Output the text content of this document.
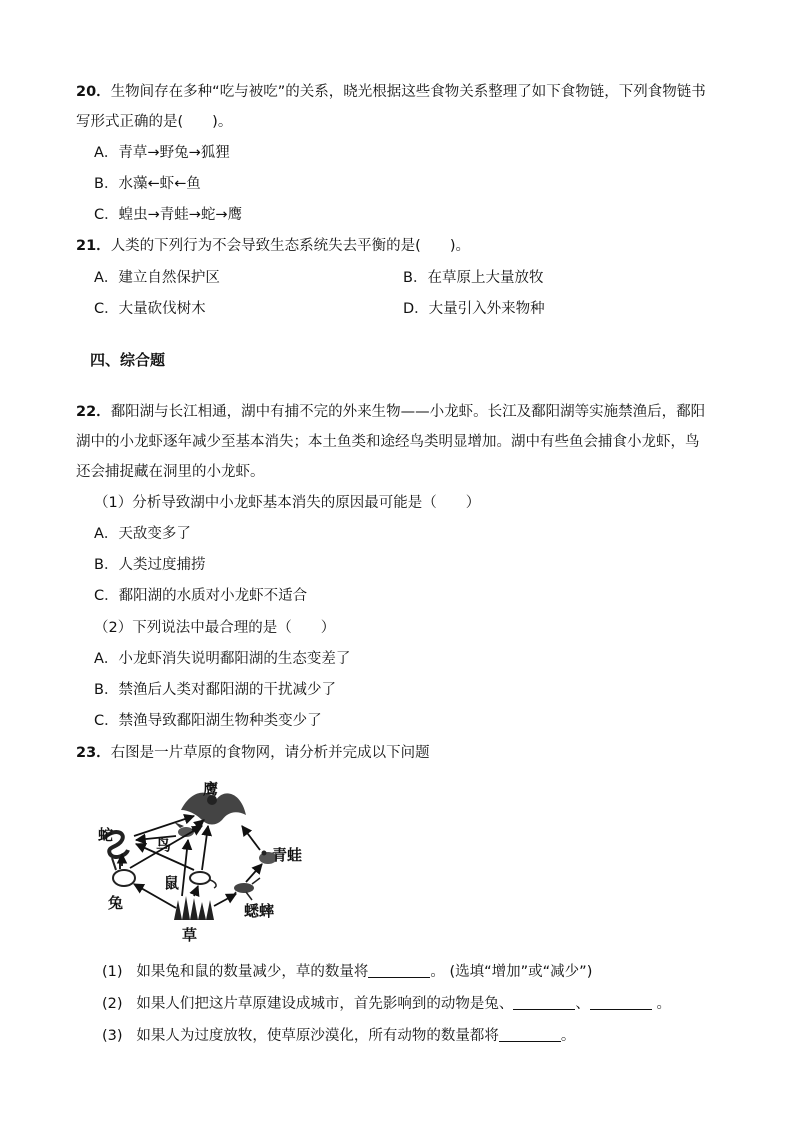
20．生物间存在多种“吃与被吃”的关系，晓光根据这些食物关系整理了如下食物链，下列食物链书
写形式正确的是(　　)。
A．青草→野兔→狐狸
B．水藻←虾←鱼
C．蝗虫→青蛙→蛇→鹰
21．人类的下列行为不会导致生态系统失去平衡的是(　　)。
A．建立自然保护区	B．在草原上大量放牧
C．大量砍伐树木	D．大量引入外来物种
四、综合题
22．鄱阳湖与长江相通，湖中有捕不完的外来生物——小龙虾。长江及鄱阳湖等实施禁渔后，鄱阳
湖中的小龙虾逐年减少至基本消失；本土鱼类和途经鸟类明显增加。湖中有些鱼会捕食小龙虾，鸟
还会捕捉藏在洞里的小龙虾。
（1）分析导致湖中小龙虾基本消失的原因最可能是（　　）
A．天敌变多了
B．人类过度捕捞
C．鄱阳湖的水质对小龙虾不适合
（2）下列说法中最合理的是（　　）
A．小龙虾消失说明鄱阳湖的生态变差了
B．禁渔后人类对鄱阳湖的干扰减少了
C．禁渔导致鄱阳湖生物种类变少了
23．右图是一片草原的食物网，请分析并完成以下问题
鹰
蛇
鸟
青蛙
鼠
兔	蟋蟀
草
(1) 如果兔和鼠的数量减少，草的数量将	。 (选填“增加”或“减少”)
(2) 如果人们把这片草原建设成城市，首先影响到的动物是兔、	、	。
(3) 如果人为过度放牧，使草原沙漠化，所有动物的数量都将	。
